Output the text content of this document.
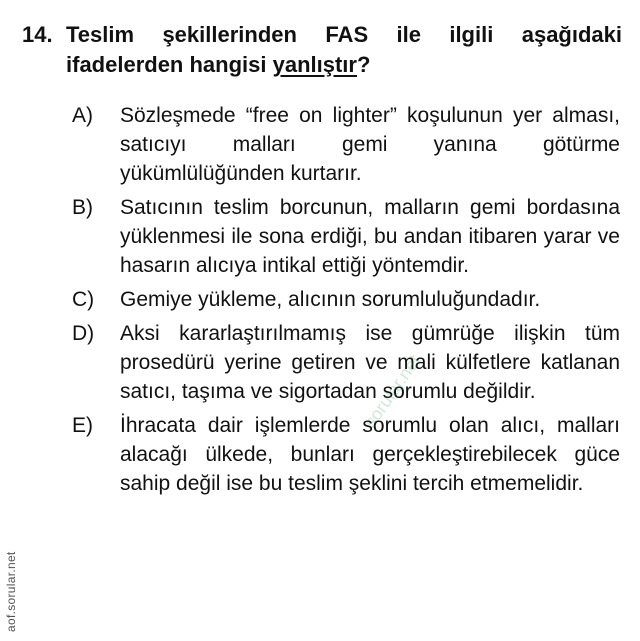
14. Teslim şekillerinden FAS ile ilgili aşağıdaki ifadelerden hangisi yanlıştır?
A)	Sözleşmede “free on lighter” koşulunun yer alması, satıcıyı malları gemi yanına götürme yükümlülüğünden kurtarır.
B)	Satıcının teslim borcunun, malların gemi bordasına yüklenmesi ile sona erdiği, bu andan itibaren yarar ve hasarın alıcıya intikal ettiği yöntemdir.
C)	Gemiye yükleme, alıcının sorumluluğundadır.
D)	Aksi kararlaştırılmamış ise gümrüğe ilişkin tüm prosedürü yerine getiren ve mali külfetlere katlanan satıcı, taşıma ve sigortadan sorumlu değildir.
E)	İhracata dair işlemlerde sorumlu olan alıcı, malları alacağı ülkede, bunları gerçekleştirebilecek güce sahip değil ise bu teslim şeklini tercih etmemelidir.
aof.sorular.net
sorular.net
